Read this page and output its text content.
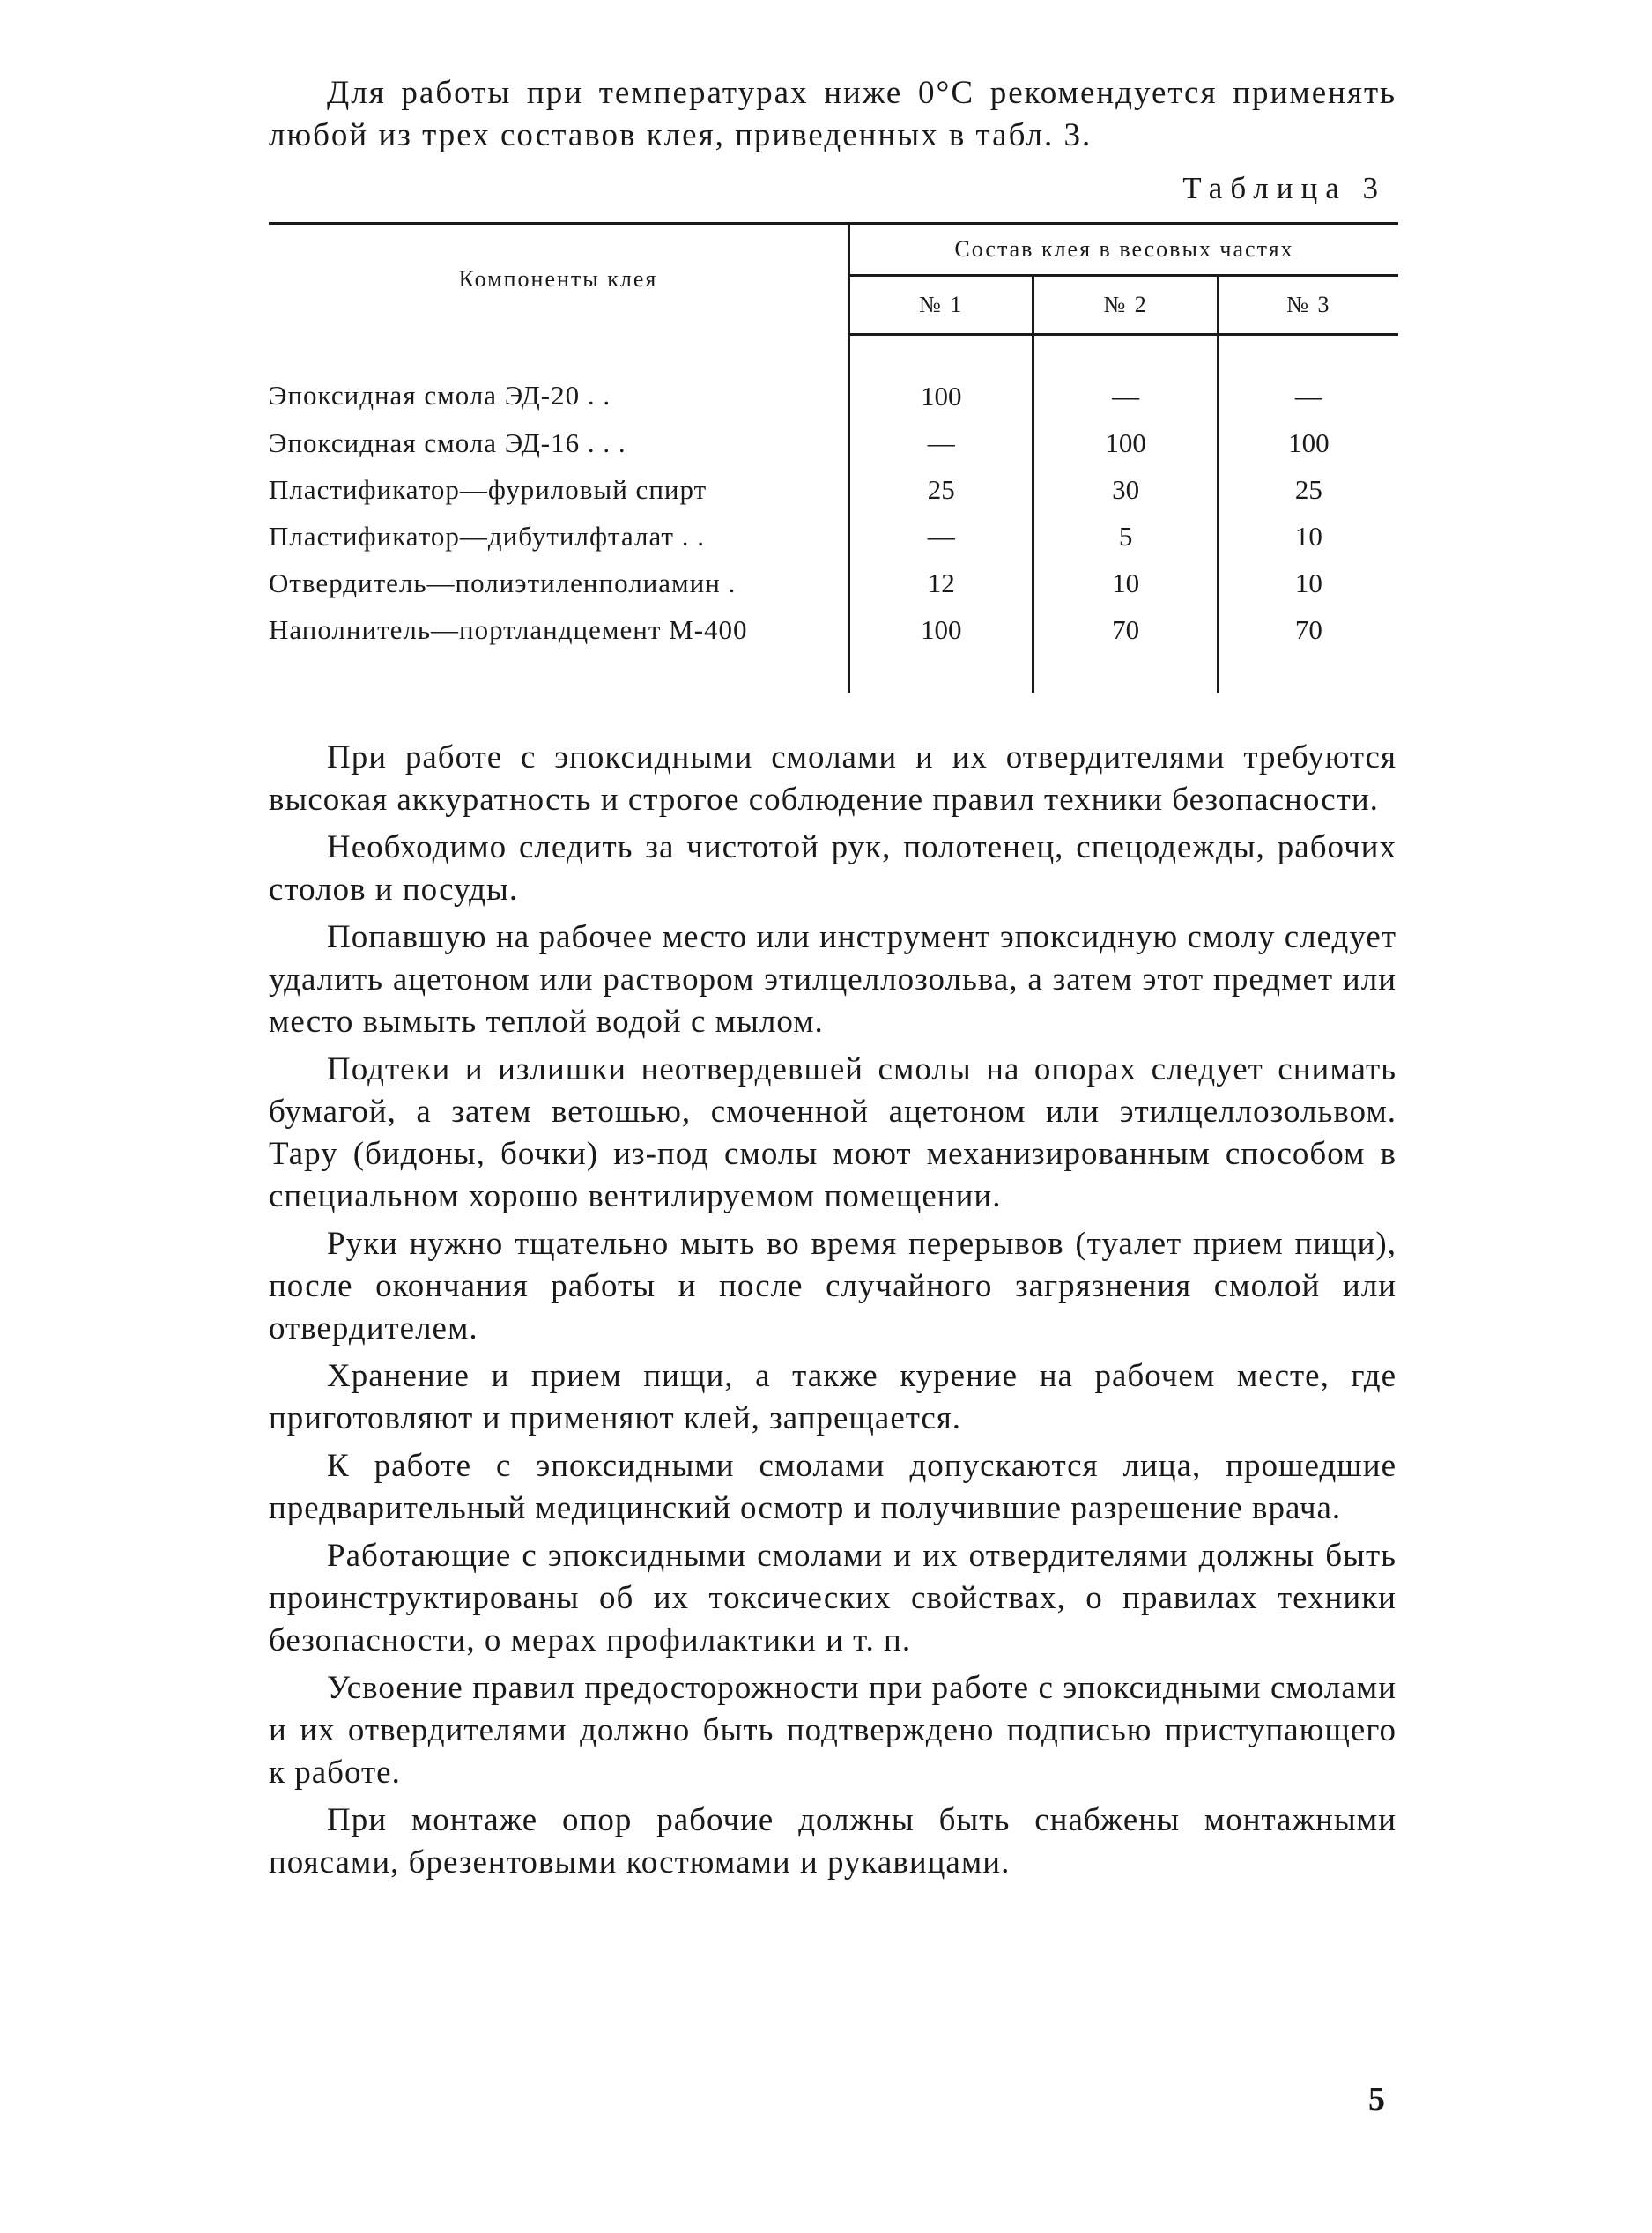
Для работы при температурах ниже 0°C рекомендуется применять любой из трех составов клея, приведенных в табл. 3.

Таблица 3
Компоненты клея	Состав клея в весовых частях		
	№ 1	№ 2	№ 3
Эпоксидная смола ЭД-20 . .	100	—	—
Эпоксидная смола ЭД-16 . . .	—	100	100
Пластификатор—фуриловый спирт	25	30	25
Пластификатор—дибутилфталат . .	—	5	10
Отвердитель—полиэтиленполиамин .	12	10	10
Наполнитель—портландцемент М-400	100	70	70

При работе с эпоксидными смолами и их отвердителями требуются высокая аккуратность и строгое соблюдение правил техники безопасности.

Необходимо следить за чистотой рук, полотенец, спецодежды, рабочих столов и посуды.

Попавшую на рабочее место или инструмент эпоксидную смолу следует удалить ацетоном или раствором этилцеллозольва, а затем этот предмет или место вымыть теплой водой с мылом.

Подтеки и излишки неотвердевшей смолы на опорах следует снимать бумагой, а затем ветошью, смоченной ацетоном или этилцеллозольвом. Тару (бидоны, бочки) из-под смолы моют механизированным способом в специальном хорошо вентилируемом помещении.

Руки нужно тщательно мыть во время перерывов (туалет прием пищи), после окончания работы и после случайного загрязнения смолой или отвердителем.

Хранение и прием пищи, а также курение на рабочем месте, где приготовляют и применяют клей, запрещается.

К работе с эпоксидными смолами допускаются лица, прошедшие предварительный медицинский осмотр и получившие разрешение врача.

Работающие с эпоксидными смолами и их отвердителями должны быть проинструктированы об их токсических свойствах, о правилах техники безопасности, о мерах профилактики и т. п.

Усвоение правил предосторожности при работе с эпоксидными смолами и их отвердителями должно быть подтверждено подписью приступающего к работе.

При монтаже опор рабочие должны быть снабжены монтажными поясами, брезентовыми костюмами и рукавицами.

5
